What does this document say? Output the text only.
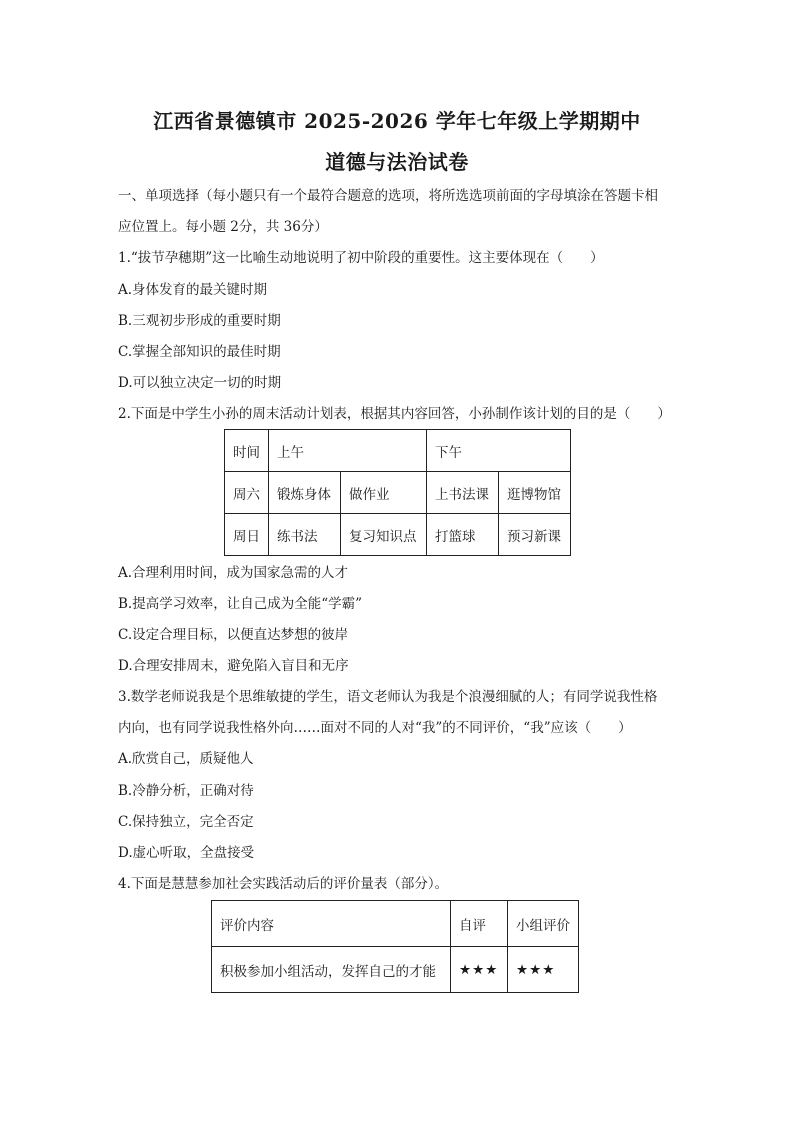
江西省景德镇市 2025-2026 学年七年级上学期期中
道德与法治试卷
一、单项选择（每小题只有一个最符合题意的选项，将所选选项前面的字母填涂在答题卡相
应位置上。每小题 2分，共 36分）
1.“拔节孕穗期”这一比喻生动地说明了初中阶段的重要性。这主要体现在（　　）
A.身体发育的最关键时期
B.三观初步形成的重要时期
C.掌握全部知识的最佳时期
D.可以独立决定一切的时期
2.下面是中学生小孙的周末活动计划表，根据其内容回答，小孙制作该计划的目的是（　　）
时间	上午		下午	
周六	锻炼身体	做作业	上书法课	逛博物馆
周日	练书法	复习知识点	打篮球	预习新课
A.合理利用时间，成为国家急需的人才
B.提高学习效率，让自己成为全能“学霸”
C.设定合理目标，以便直达梦想的彼岸
D.合理安排周末，避免陷入盲目和无序
3.数学老师说我是个思维敏捷的学生，语文老师认为我是个浪漫细腻的人；有同学说我性格
内向，也有同学说我性格外向……面对不同的人对“我”的不同评价，“我”应该（　　）
A.欣赏自己，质疑他人
B.冷静分析，正确对待
C.保持独立，完全否定
D.虚心听取，全盘接受
4.下面是慧慧参加社会实践活动后的评价量表（部分）。
评价内容	自评	小组评价
积极参加小组活动，发挥自己的才能	★★★	★★★
